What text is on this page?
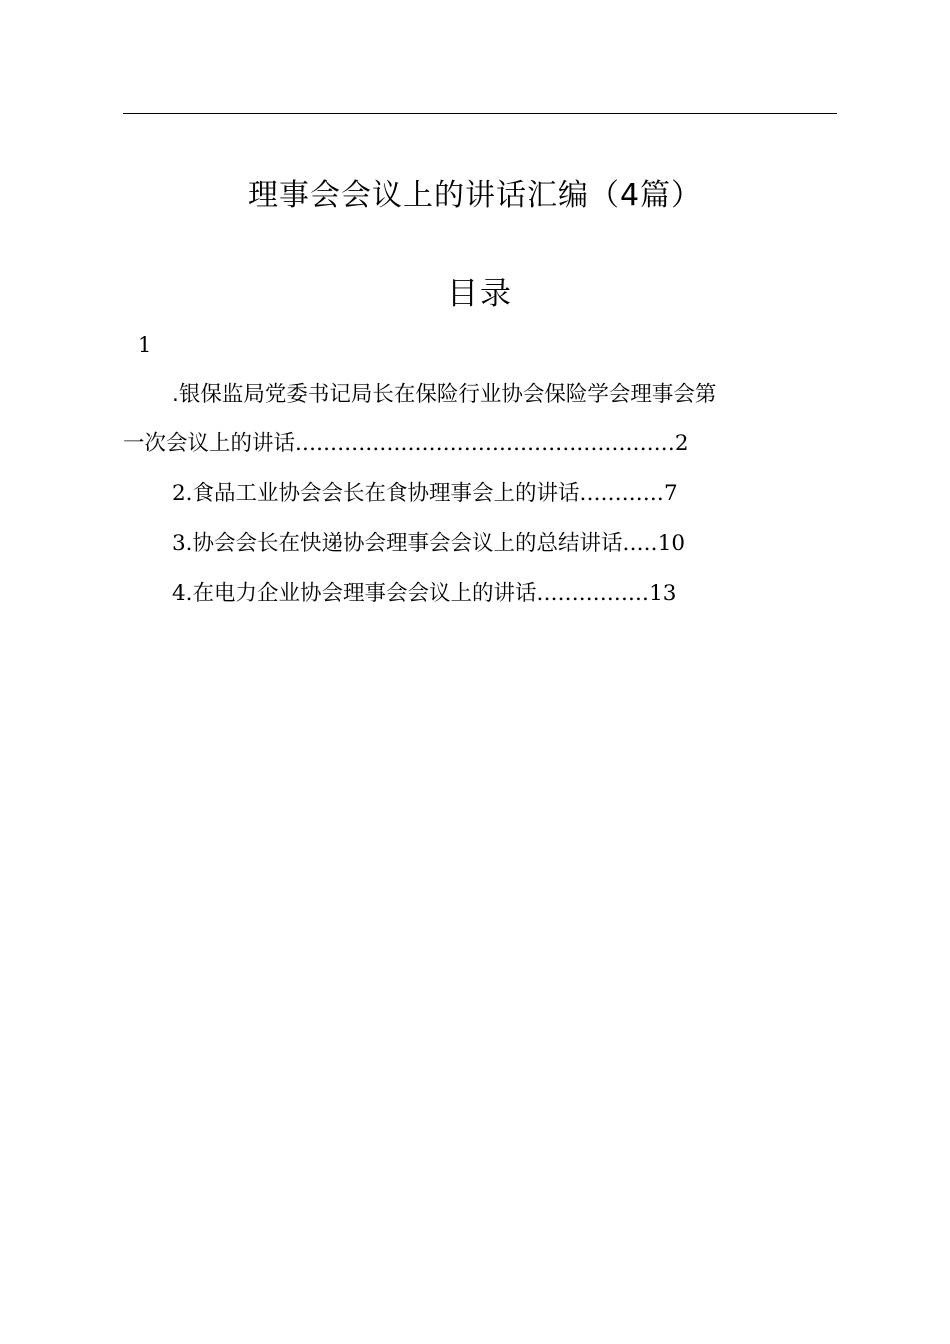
理事会会议上的讲话汇编（4篇）
目录
1
.银保监局党委书记局长在保险行业协会保险学会理事会第
一次会议上的讲话......................................................2
2.食品工业协会会长在食协理事会上的讲话............7
3.协会会长在快递协会理事会会议上的总结讲话.....10
4.在电力企业协会理事会会议上的讲话................13
